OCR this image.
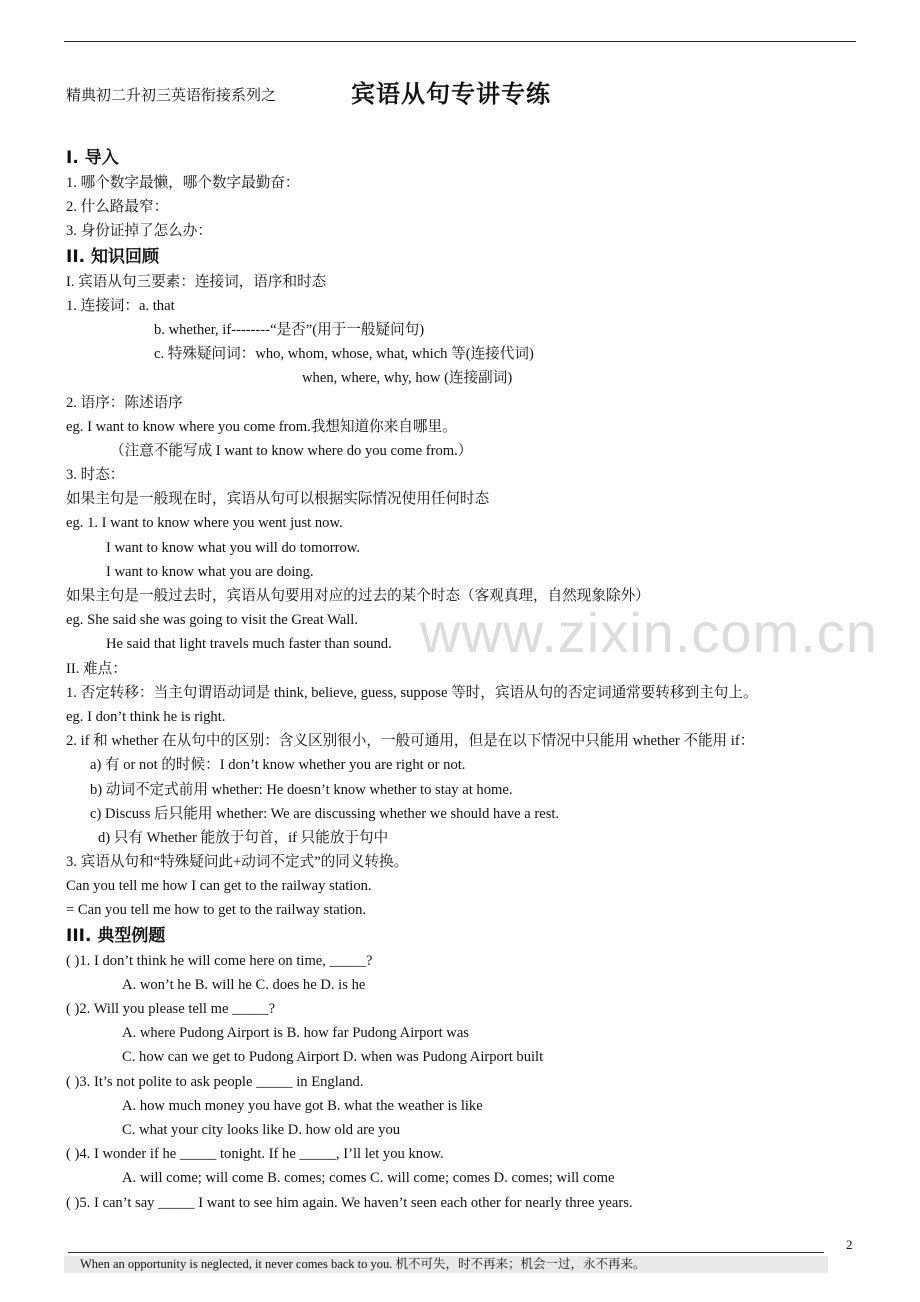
精典初二升初三英语衔接系列之	宾语从句专讲专练
www.zixin.com.cn
I. 导入
1. 哪个数字最懒，哪个数字最勤奋：
2. 什么路最窄：
3. 身份证掉了怎么办：
II. 知识回顾
I. 宾语从句三要素：连接词，语序和时态
1. 连接词：a. that
b. whether, if--------“是否”(用于一般疑问句)
c. 特殊疑问词：who, whom, whose, what, which 等(连接代词)
when, where, why, how (连接副词)
2. 语序：陈述语序
eg. I want to know where you come from.我想知道你来自哪里。
（注意不能写成 I want to know where do you come from.）
3. 时态：
如果主句是一般现在时，宾语从句可以根据实际情况使用任何时态
eg. 1. I want to know where you went just now.
I want to know what you will do tomorrow.
I want to know what you are doing.
如果主句是一般过去时，宾语从句要用对应的过去的某个时态（客观真理，自然现象除外）
eg. She said she was going to visit the Great Wall.
He said that light travels much faster than sound.
II. 难点：
1. 否定转移：当主句谓语动词是 think, believe, guess, suppose 等时，宾语从句的否定词通常要转移到主句上。
eg. I don’t think he is right.
2. if 和 whether 在从句中的区别：含义区别很小，一般可通用，但是在以下情况中只能用 whether 不能用 if：
a) 有 or not 的时候：I don’t know whether you are right or not.
b) 动词不定式前用 whether: He doesn’t know whether to stay at home.
c) Discuss 后只能用 whether: We are discussing whether we should have a rest.
d) 只有 Whether 能放于句首，if 只能放于句中
3. 宾语从句和“特殊疑问此+动词不定式”的同义转换。
Can you tell me how I can get to the railway station.
= Can you tell me how to get to the railway station.
III. 典型例题
( )1. I don’t think he will come here on time, _____?
A. won’t he B. will he C. does he D. is he
( )2. Will you please tell me _____?
A. where Pudong Airport is B. how far Pudong Airport was
C. how can we get to Pudong Airport D. when was Pudong Airport built
( )3. It’s not polite to ask people _____ in England.
A. how much money you have got B. what the weather is like
C. what your city looks like D. how old are you
( )4. I wonder if he _____ tonight. If he _____, I’ll let you know.
A. will come; will come B. comes; comes C. will come; comes D. comes; will come
( )5. I can’t say _____ I want to see him again. We haven’t seen each other for nearly three years.
2
When an opportunity is neglected, it never comes back to you. 机不可失，时不再来；机会一过，永不再来。
